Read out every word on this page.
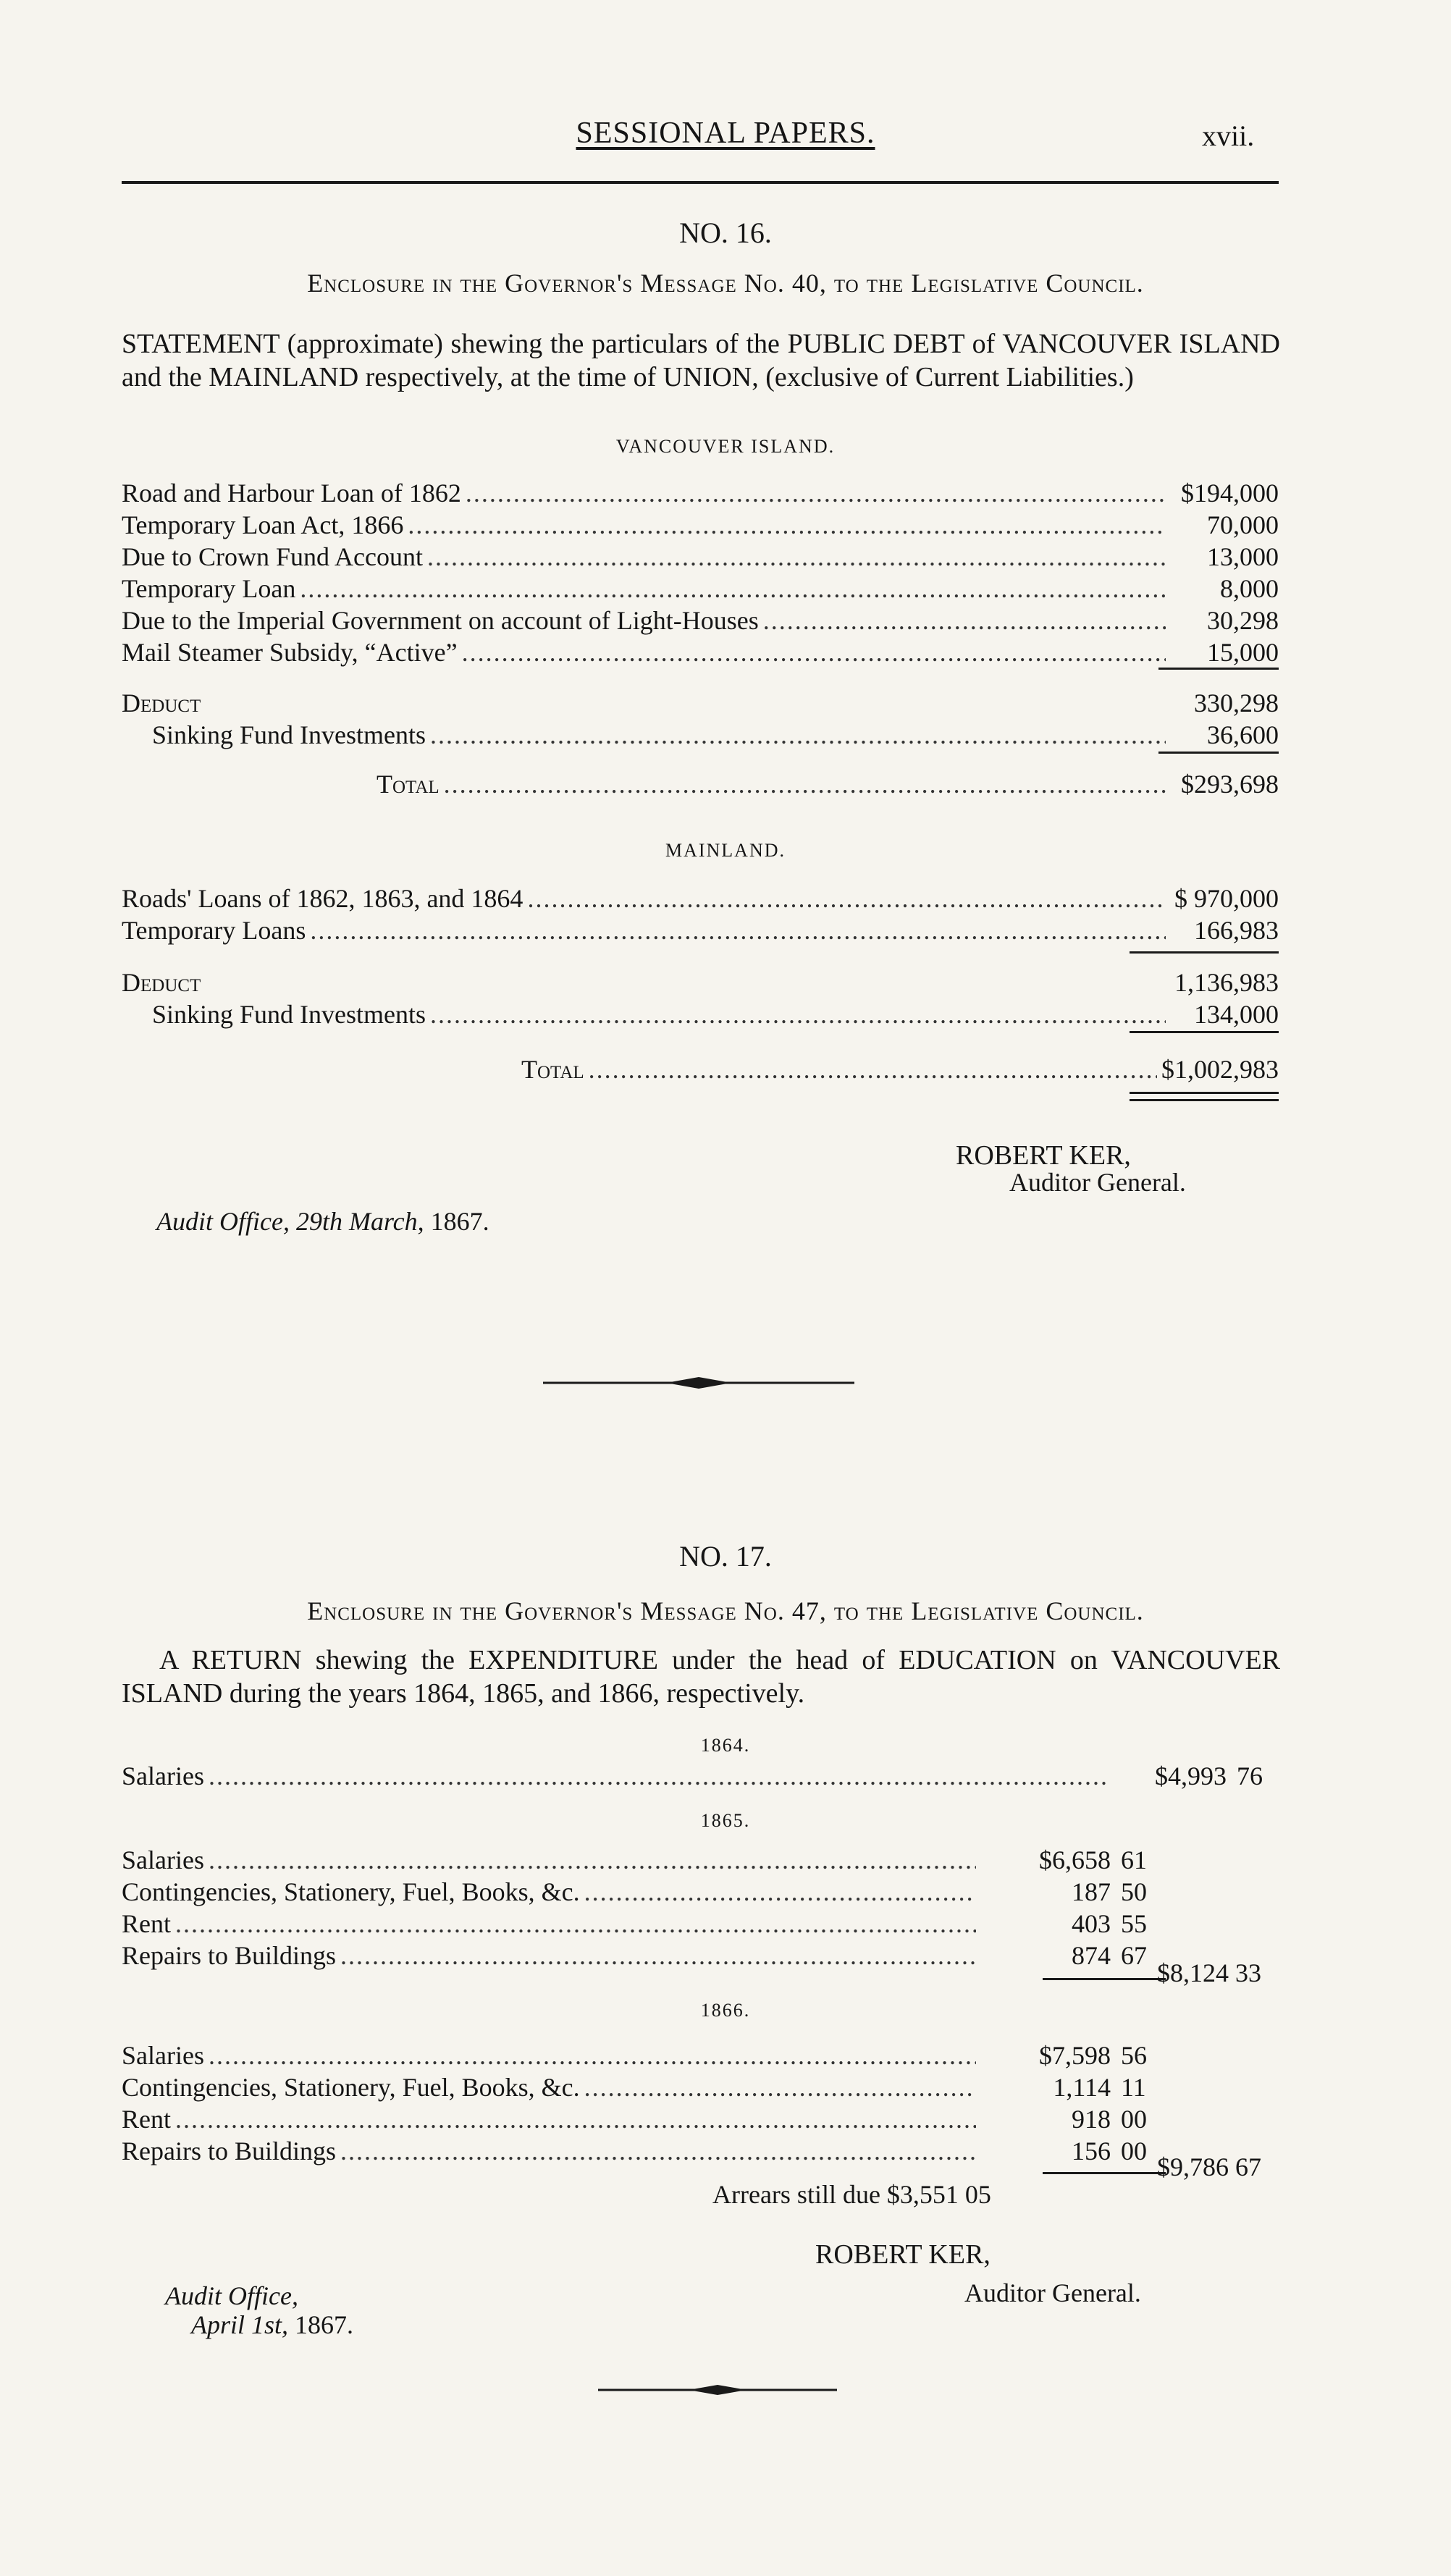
SESSIONAL PAPERS.	xvii.
NO. 16.
Enclosure in the Governor's Message No. 40, to the Legislative Council.
STATEMENT (approximate) shewing the particulars of the PUBLIC DEBT of VANCOUVER ISLAND and the MAINLAND respectively, at the time of UNION, (exclusive of Current Liabilities.)
VANCOUVER ISLAND.
Road and Harbour Loan of 1862 .....	$194,000
Temporary Loan Act, 1866 .....	70,000
Due to Crown Fund Account .....	13,000
Temporary Loan .....	8,000
Due to the Imperial Government on account of Light-Houses .....	30,298
Mail Steamer Subsidy, “Active” .....	15,000
Deduct	330,298
Sinking Fund Investments .....	36,600
Total .....	$293,698
MAINLAND.
Roads' Loans of 1862, 1863, and 1864 .....	$ 970,000
Temporary Loans .....	166,983
Deduct	1,136,983
Sinking Fund Investments .....	134,000
Total .....	$1,002,983
ROBERT KER,
Auditor General.
Audit Office, 29th March, 1867.
NO. 17.
Enclosure in the Governor's Message No. 47, to the Legislative Council.
A RETURN shewing the EXPENDITURE under the head of EDUCATION on VANCOUVER ISLAND during the years 1864, 1865, and 1866, respectively.
1864.
Salaries .....	$4,993 76
1865.
Salaries .....	$6,658 61
Contingencies, Stationery, Fuel, Books, &c. .....	187 50
Rent .....	403 55
Repairs to Buildings .....	874 67
$8,124 33
1866.
Salaries .....	$7,598 56
Contingencies, Stationery, Fuel, Books, &c. .....	1,114 11
Rent .....	918 00
Repairs to Buildings .....	156 00
$9,786 67
Arrears still due $3,551 05
ROBERT KER,
Auditor General.
Audit Office,
April 1st, 1867.
